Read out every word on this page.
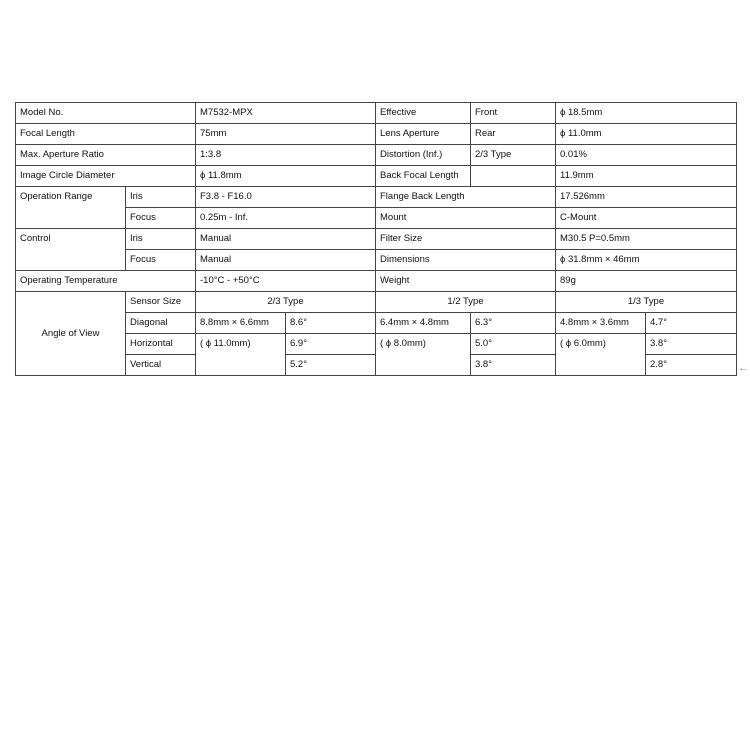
Model No.		M7532-MPX		Effective	Front	ϕ 18.5mm	
Focal Length		75mm		Lens Aperture	Rear	ϕ 11.0mm	
Max. Aperture Ratio		1:3.8		Distortion (Inf.)	2/3 Type	0.01%	
Image Circle Diameter		ϕ 11.8mm		Back Focal Length		11.9mm	
Operation Range	Iris	F3.8 - F16.0		Flange Back Length		17.526mm	
	Focus	0.25m - Inf.		Mount		C-Mount	
Control	Iris	Manual		Filter Size		M30.5 P=0.5mm	
	Focus	Manual		Dimensions		ϕ 31.8mm × 46mm	
Operating Temperature		-10°C - +50°C		Weight		89g	
Angle of View	Sensor Size	2/3 Type		1/2 Type		1/3 Type	
	Diagonal	8.8mm × 6.6mm	8.6°	6.4mm × 4.8mm	6.3°	4.8mm × 3.6mm	4.7°
	Horizontal	( ϕ 11.0mm)	6.9°	( ϕ 8.0mm)	5.0°	( ϕ 6.0mm)	3.8°
	Vertical		5.2°		3.8°		2.8°	←
